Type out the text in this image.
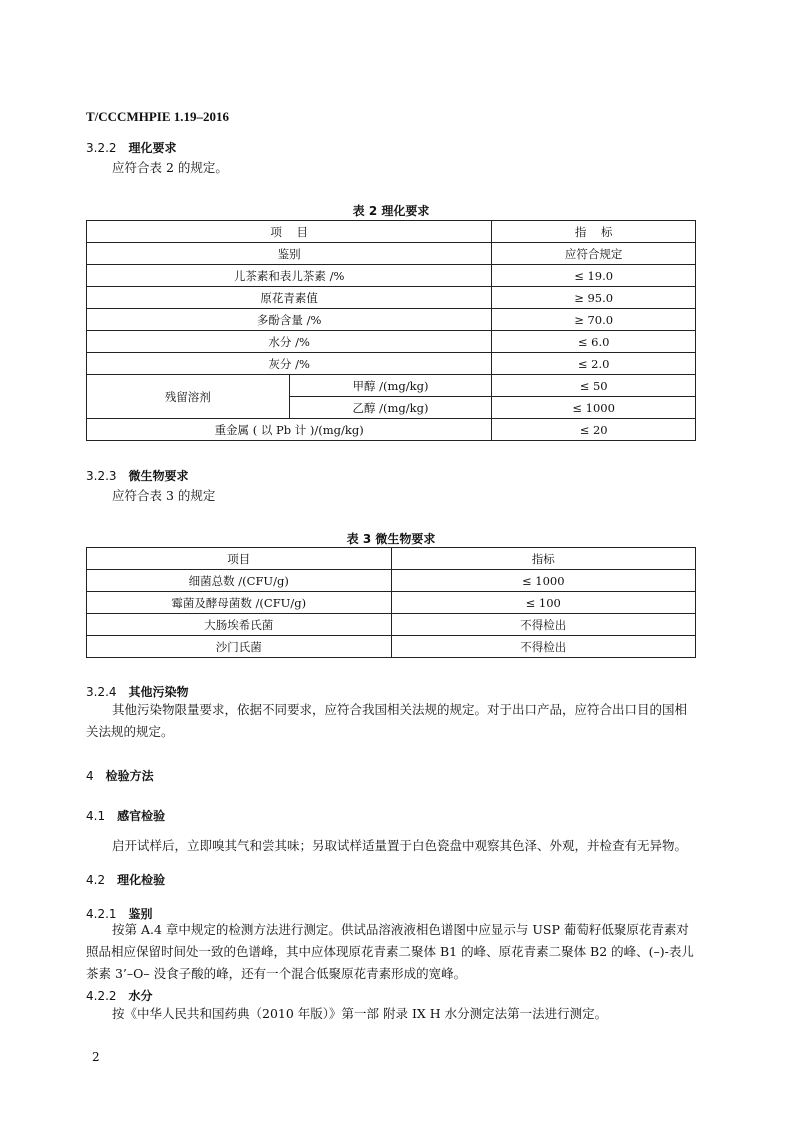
T/CCCMHPIE 1.19–2016
3.2.2 理化要求
应符合表 2 的规定。
表 2 理化要求
项    目		指    标
鉴别		应符合规定
儿茶素和表儿茶素 /%		≤ 19.0
原花青素值		≥ 95.0
多酚含量 /%		≥ 70.0
水分 /%		≤ 6.0
灰分 /%		≤ 2.0
残留溶剂	甲醇 /(mg/kg)	≤ 50
	乙醇 /(mg/kg)	≤ 1000
重金属 ( 以 Pb 计 )/(mg/kg)		≤ 20
3.2.3 微生物要求
应符合表 3 的规定
表 3 微生物要求
项目	指标
细菌总数 /(CFU/g)	≤ 1000
霉菌及酵母菌数 /(CFU/g)	≤ 100
大肠埃希氏菌	不得检出
沙门氏菌	不得检出
3.2.4 其他污染物
其他污染物限量要求，依据不同要求，应符合我国相关法规的规定。对于出口产品，应符合出口目的国相关法规的规定。
4 检验方法
4.1 感官检验
启开试样后，立即嗅其气和尝其味；另取试样适量置于白色瓷盘中观察其色泽、外观，并检查有无异物。
4.2 理化检验
4.2.1 鉴别
按第 A.4 章中规定的检测方法进行测定。供试品溶液液相色谱图中应显示与 USP 葡萄籽低聚原花青素对照品相应保留时间处一致的色谱峰，其中应体现原花青素二聚体 B1 的峰、原花青素二聚体 B2 的峰、(–)-表儿茶素 3’–O– 没食子酸的峰，还有一个混合低聚原花青素形成的宽峰。
4.2.2 水分
按《中华人民共和国药典（2010 年版）》第一部 附录 IX H 水分测定法第一法进行测定。
2
